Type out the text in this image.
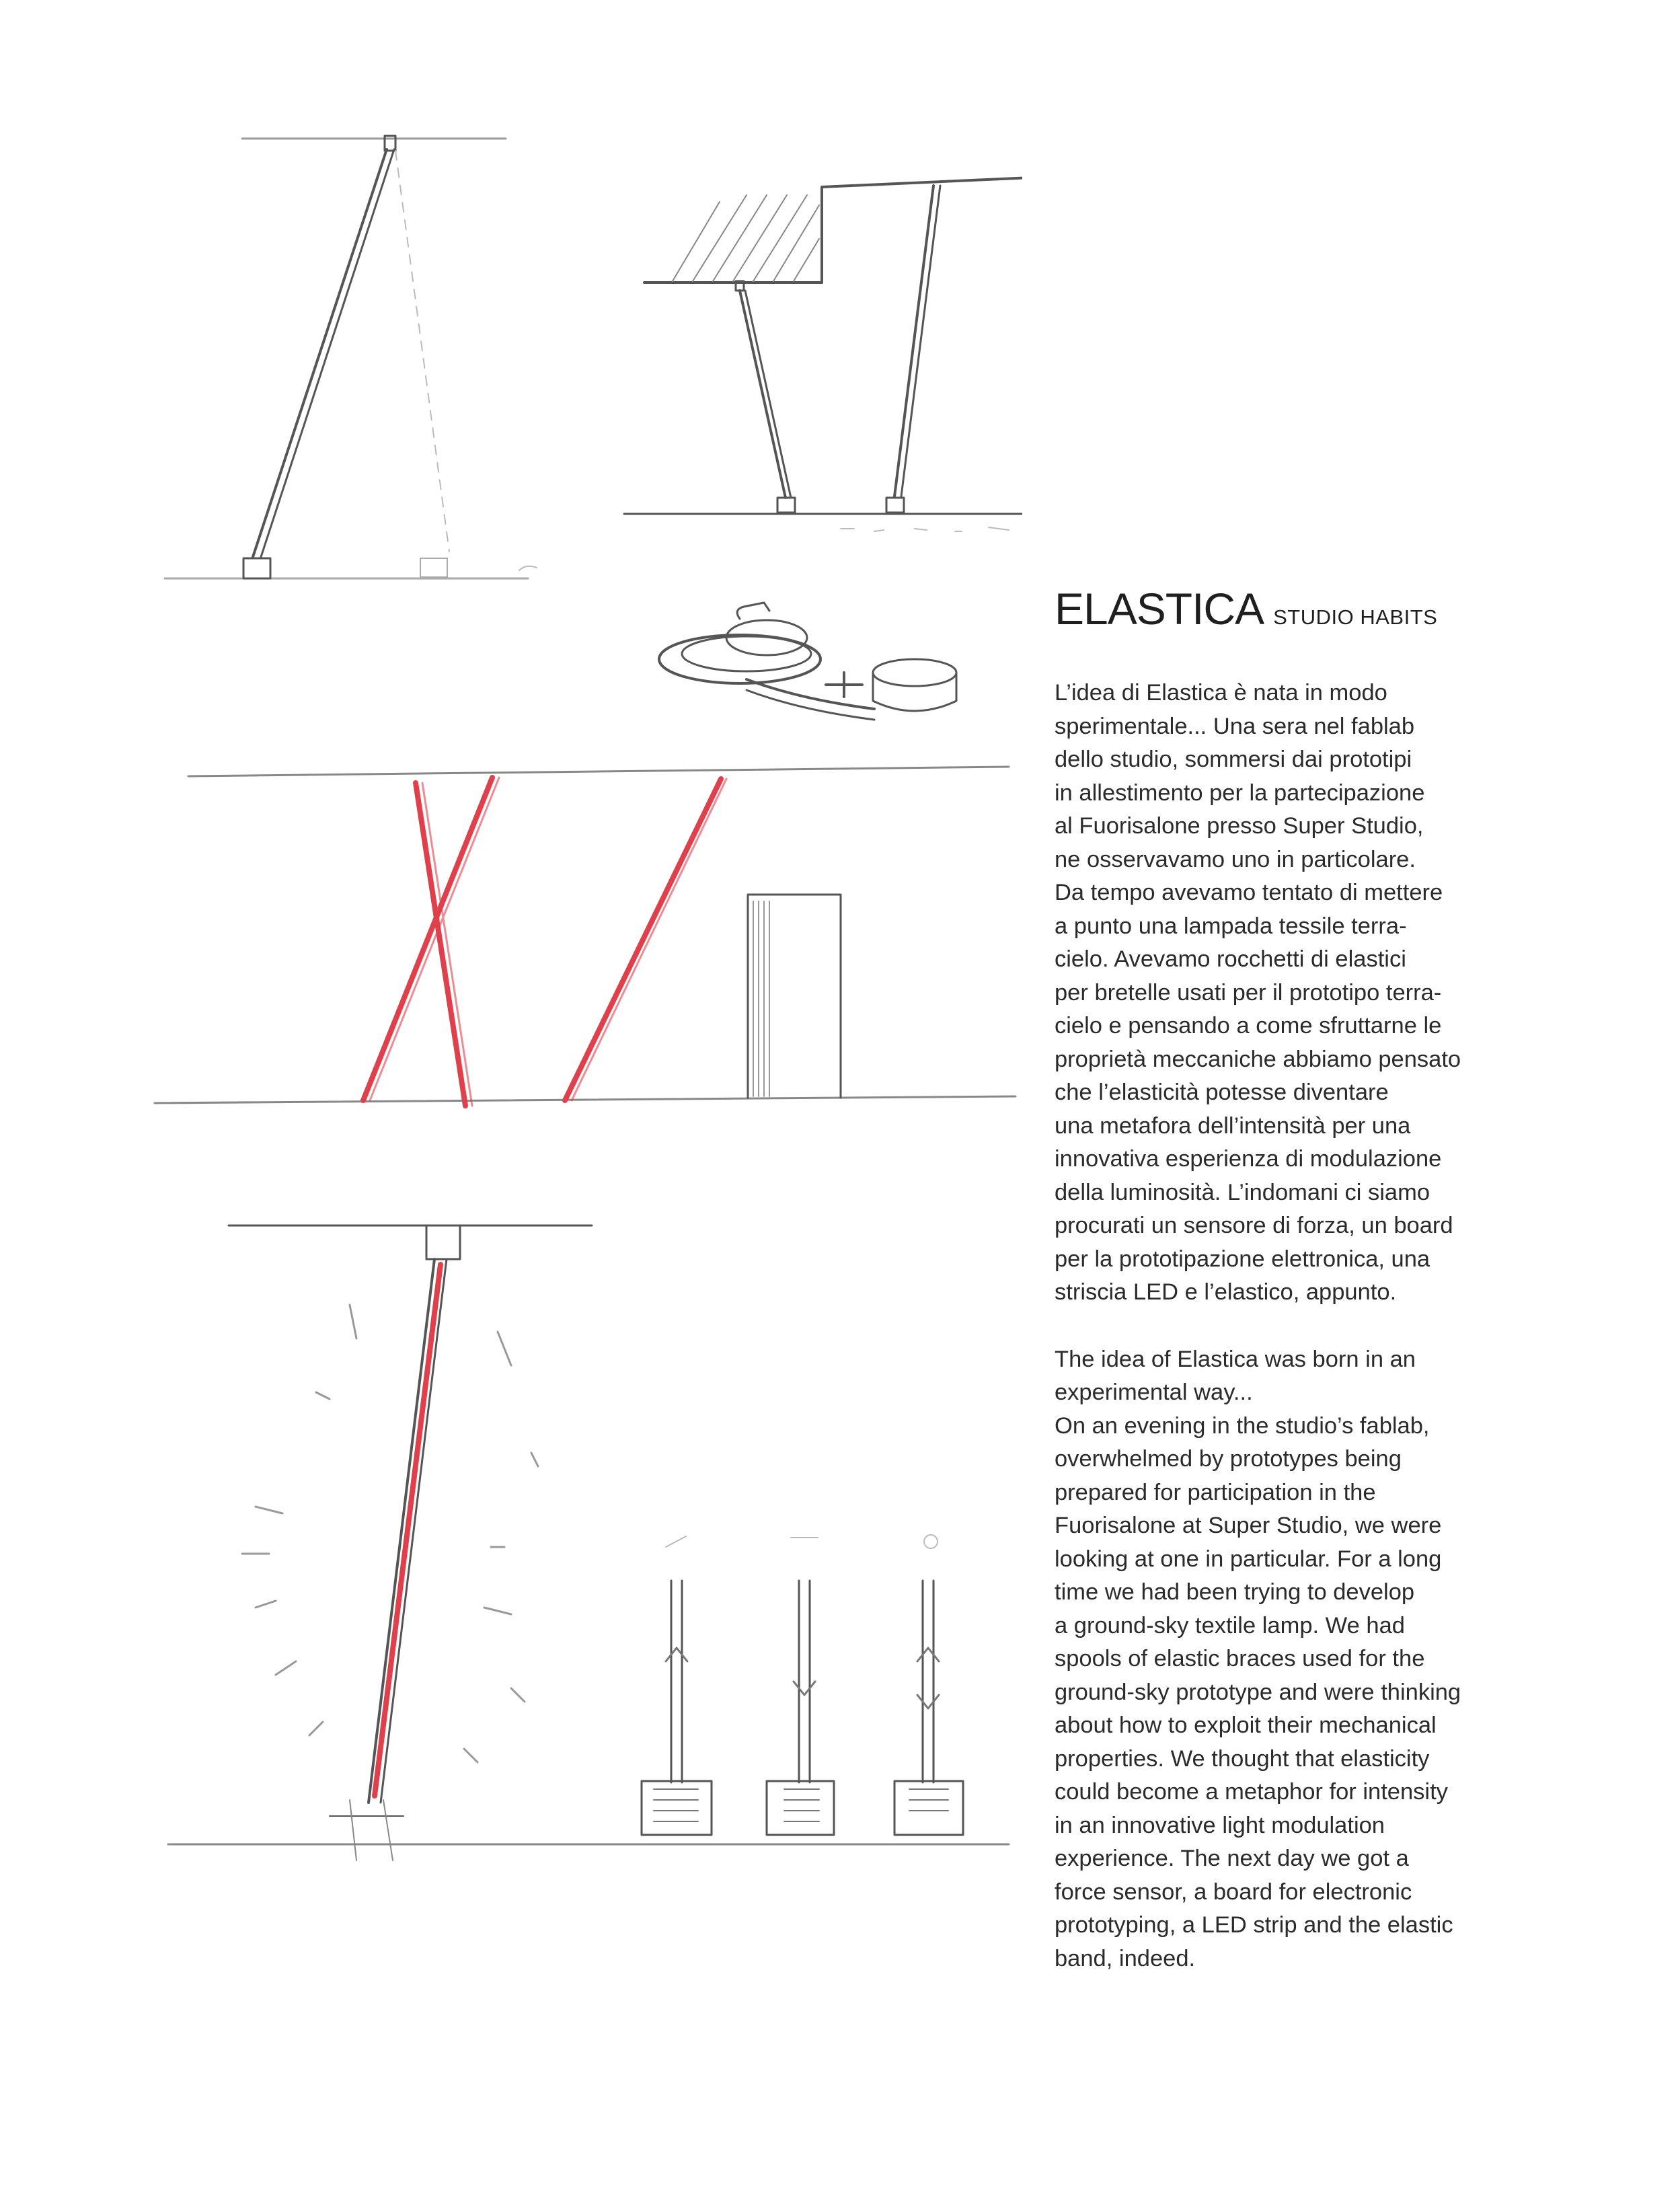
ELASTICA STUDIO HABITS

L’idea di Elastica è nata in modo
sperimentale... Una sera nel fablab
dello studio, sommersi dai prototipi
in allestimento per la partecipazione
al Fuorisalone presso Super Studio,
ne osservavamo uno in particolare.
Da tempo avevamo tentato di mettere
a punto una lampada tessile terra-
cielo. Avevamo rocchetti di elastici
per bretelle usati per il prototipo terra-
cielo e pensando a come sfruttarne le
proprietà meccaniche abbiamo pensato
che l’elasticità potesse diventare
una metafora dell’intensità per una
innovativa esperienza di modulazione
della luminosità. L’indomani ci siamo
procurati un sensore di forza, un board
per la prototipazione elettronica, una
striscia LED e l’elastico, appunto.

The idea of Elastica was born in an
experimental way...
On an evening in the studio’s fablab,
overwhelmed by prototypes being
prepared for participation in the
Fuorisalone at Super Studio, we were
looking at one in particular. For a long
time we had been trying to develop
a ground-sky textile lamp. We had
spools of elastic braces used for the
ground-sky prototype and were thinking
about how to exploit their mechanical
properties. We thought that elasticity
could become a metaphor for intensity
in an innovative light modulation
experience. The next day we got a
force sensor, a board for electronic
prototyping, a LED strip and the elastic
band, indeed.
